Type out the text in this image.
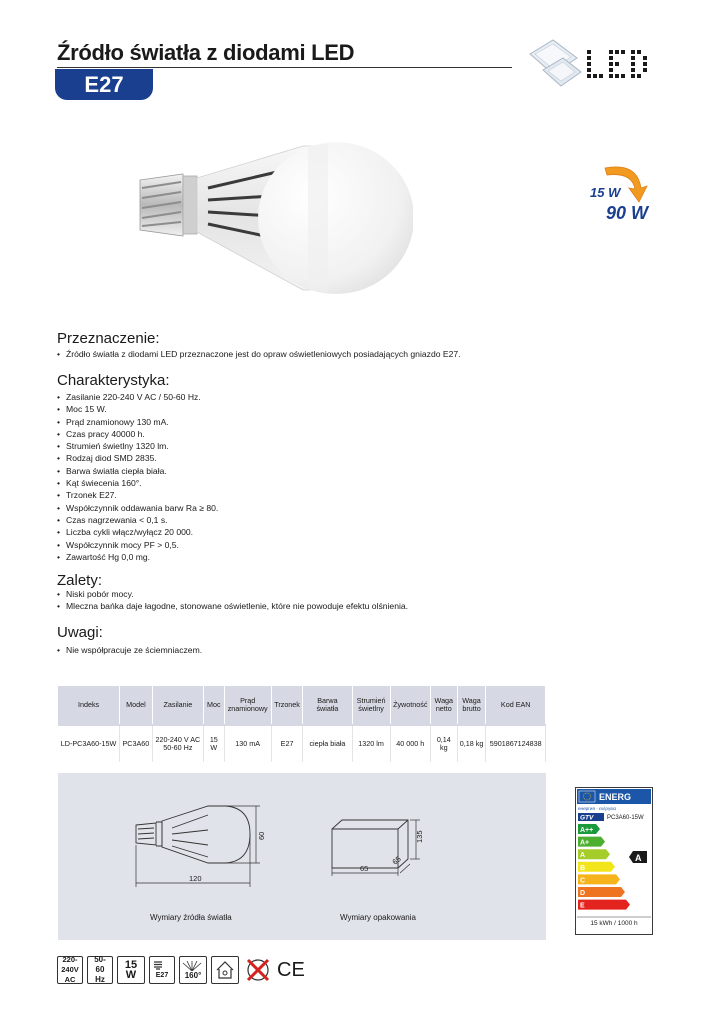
Źródło światła z diodami LED
E27
15 W
90 W
Przeznaczenie:
• Źródło światła z diodami LED przeznaczone jest do opraw oświetleniowych posiadających gniazdo E27.
Charakterystyka:
• Zasilanie 220-240 V AC / 50-60 Hz.
• Moc 15 W.
• Prąd znamionowy 130 mA.
• Czas pracy 40000 h.
• Strumień świetlny 1320 lm.
• Rodzaj diod SMD 2835.
• Barwa światła ciepła biała.
• Kąt świecenia 160°.
• Trzonek E27.
• Współczynnik oddawania barw Ra ≥ 80.
• Czas nagrzewania < 0,1 s.
• Liczba cykli włącz/wyłącz 20 000.
• Współczynnik mocy PF > 0,5.
• Zawartość Hg 0,0 mg.
Zalety:
• Niski pobór mocy.
• Mleczna bańka daje łagodne, stonowane oświetlenie, które nie powoduje efektu olśnienia.
Uwagi:
• Nie współpracuje ze ściemniaczem.
Indeks	Model	Zasilanie	Moc	Prąd znamionowy	Trzonek	Barwa światła	Strumień świetlny	Żywotność	Waga netto	Waga brutto	Kod EAN

LD-PC3A60-15W	PC3A60	220-240 V AC 50-60 Hz	15 W	130 mA	E27	ciepła biała	1320 lm	40 000 h	0,14 kg	0,18 kg	5901867124838
120
60
65
65
135
Wymiary źródła światła	Wymiary opakowania
ENERG
енергия · ενέργεια
GTV
A++
A+
A
B
C
D
E
A
PC3A60-15W
15 kWh / 1000 h
220-240V AC
50-60 Hz
15 W	E27	160°	CE
